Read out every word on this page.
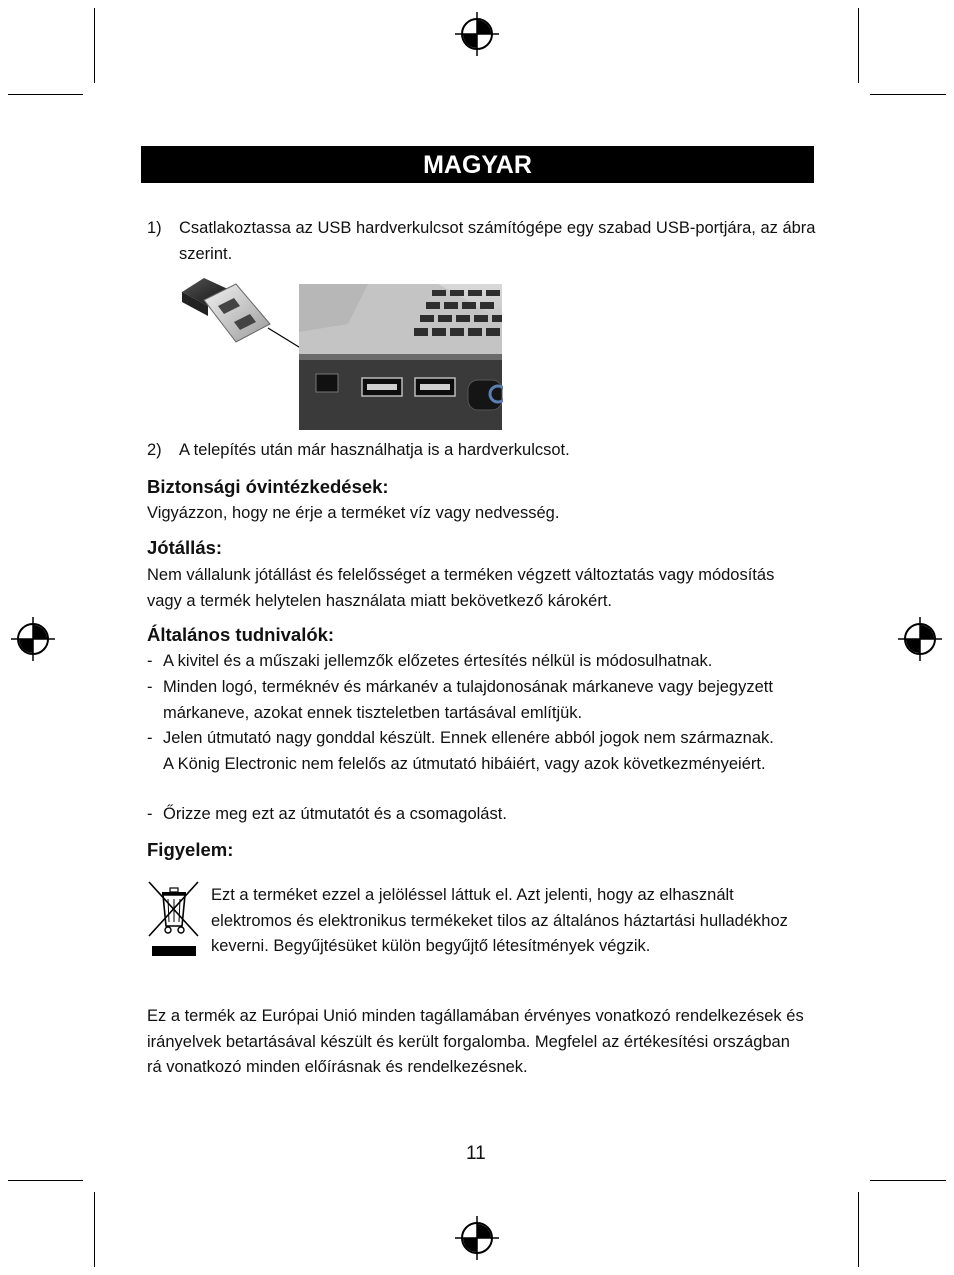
MAGYAR
1) Csatlakoztassa az USB hardverkulcsot számítógépe egy szabad USB-portjára, az ábra szerint.
2) A telepítés után már használhatja is a hardverkulcsot.
Biztonsági óvintézkedések:
Vigyázzon, hogy ne érje a terméket víz vagy nedvesség.
Jótállás:
Nem vállalunk jótállást és felelősséget a terméken végzett változtatás vagy módosítás vagy a termék helytelen használata miatt bekövetkező károkért.
Általános tudnivalók:
- A kivitel és a műszaki jellemzők előzetes értesítés nélkül is módosulhatnak.
- Minden logó, terméknév és márkanév a tulajdonosának márkaneve vagy bejegyzett márkaneve, azokat ennek tiszteletben tartásával említjük.
- Jelen útmutató nagy gonddal készült. Ennek ellenére abból jogok nem származnak. A König Electronic nem felelős az útmutató hibáiért, vagy azok következményeiért.
- Őrizze meg ezt az útmutatót és a csomagolást.
Figyelem:
Ezt a terméket ezzel a jelöléssel láttuk el. Azt jelenti, hogy az elhasznált elektromos és elektronikus termékeket tilos az általános háztartási hulladékhoz keverni. Begyűjtésüket külön begyűjtő létesítmények végzik.
Ez a termék az Európai Unió minden tagállamában érvényes vonatkozó rendelkezések és irányelvek betartásával készült és került forgalomba. Megfelel az értékesítési országban rá vonatkozó minden előírásnak és rendelkezésnek.
11
